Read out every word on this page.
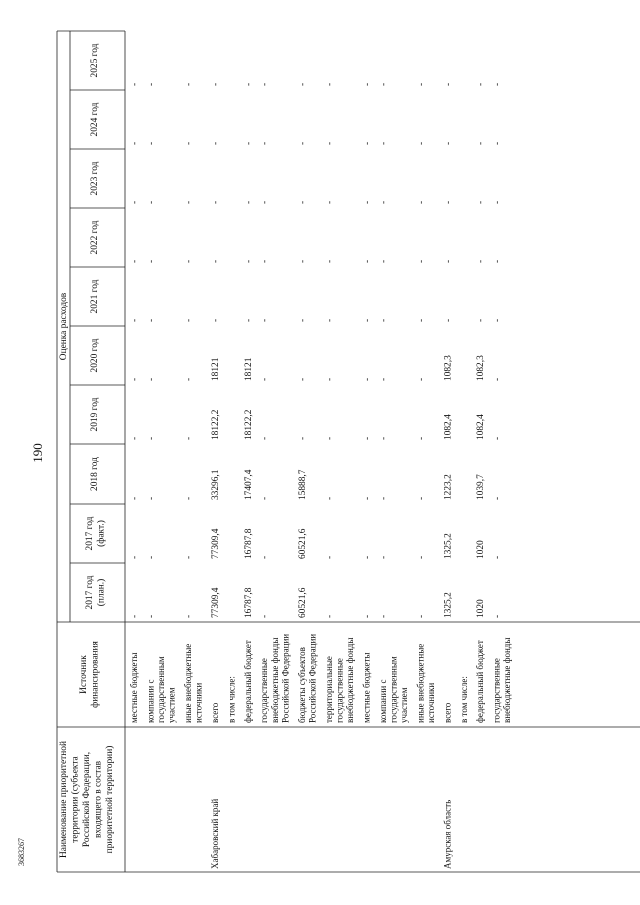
190
Наименование приоритетной территории (субъекта Российской Федерации, входящего в состав приоритетной территории)
Источник финансирования
Оценка расходов
2017 год (план.)
2017 год (факт.)
2018 год
2019 год
2020 год
2021 год
2022 год
2023 год
2024 год
2025 год
местные бюджеты
-
-
-
-
-
-
-
-
-
-
компании с государственным участием
-
-
-
-
-
-
-
-
-
-
иные внебюджетные источники
-
-
-
-
-
-
-
-
-
-
Хабаровский край
всего
77309,4
77309,4
33296,1
18122,2
18121
-
-
-
-
-
в том числе: федеральный бюджет
16787,8
16787,8
17407,4
18122,2
18121
-
-
-
-
-
государственные внебюджетные фонды Российской Федерации
-
-
-
-
-
-
-
-
-
-
бюджеты субъектов Российской Федерации
60521,6
60521,6
15888,7
-
-
-
-
-
-
-
территориальные государственные внебюджетные фонды
-
-
-
-
-
-
-
-
-
-
местные бюджеты
-
-
-
-
-
-
-
-
-
-
компании с государственным участием
-
-
-
-
-
-
-
-
-
-
иные внебюджетные источники
-
-
-
-
-
-
-
-
-
-
Амурская область
всего
1325,2
1325,2
1223,2
1082,4
1082,3
-
-
-
-
-
в том числе: федеральный бюджет
1020
1020
1039,7
1082,4
1082,3
-
-
-
-
-
государственные внебюджетные фонды
-
-
-
-
-
-
-
-
-
-
3683267
